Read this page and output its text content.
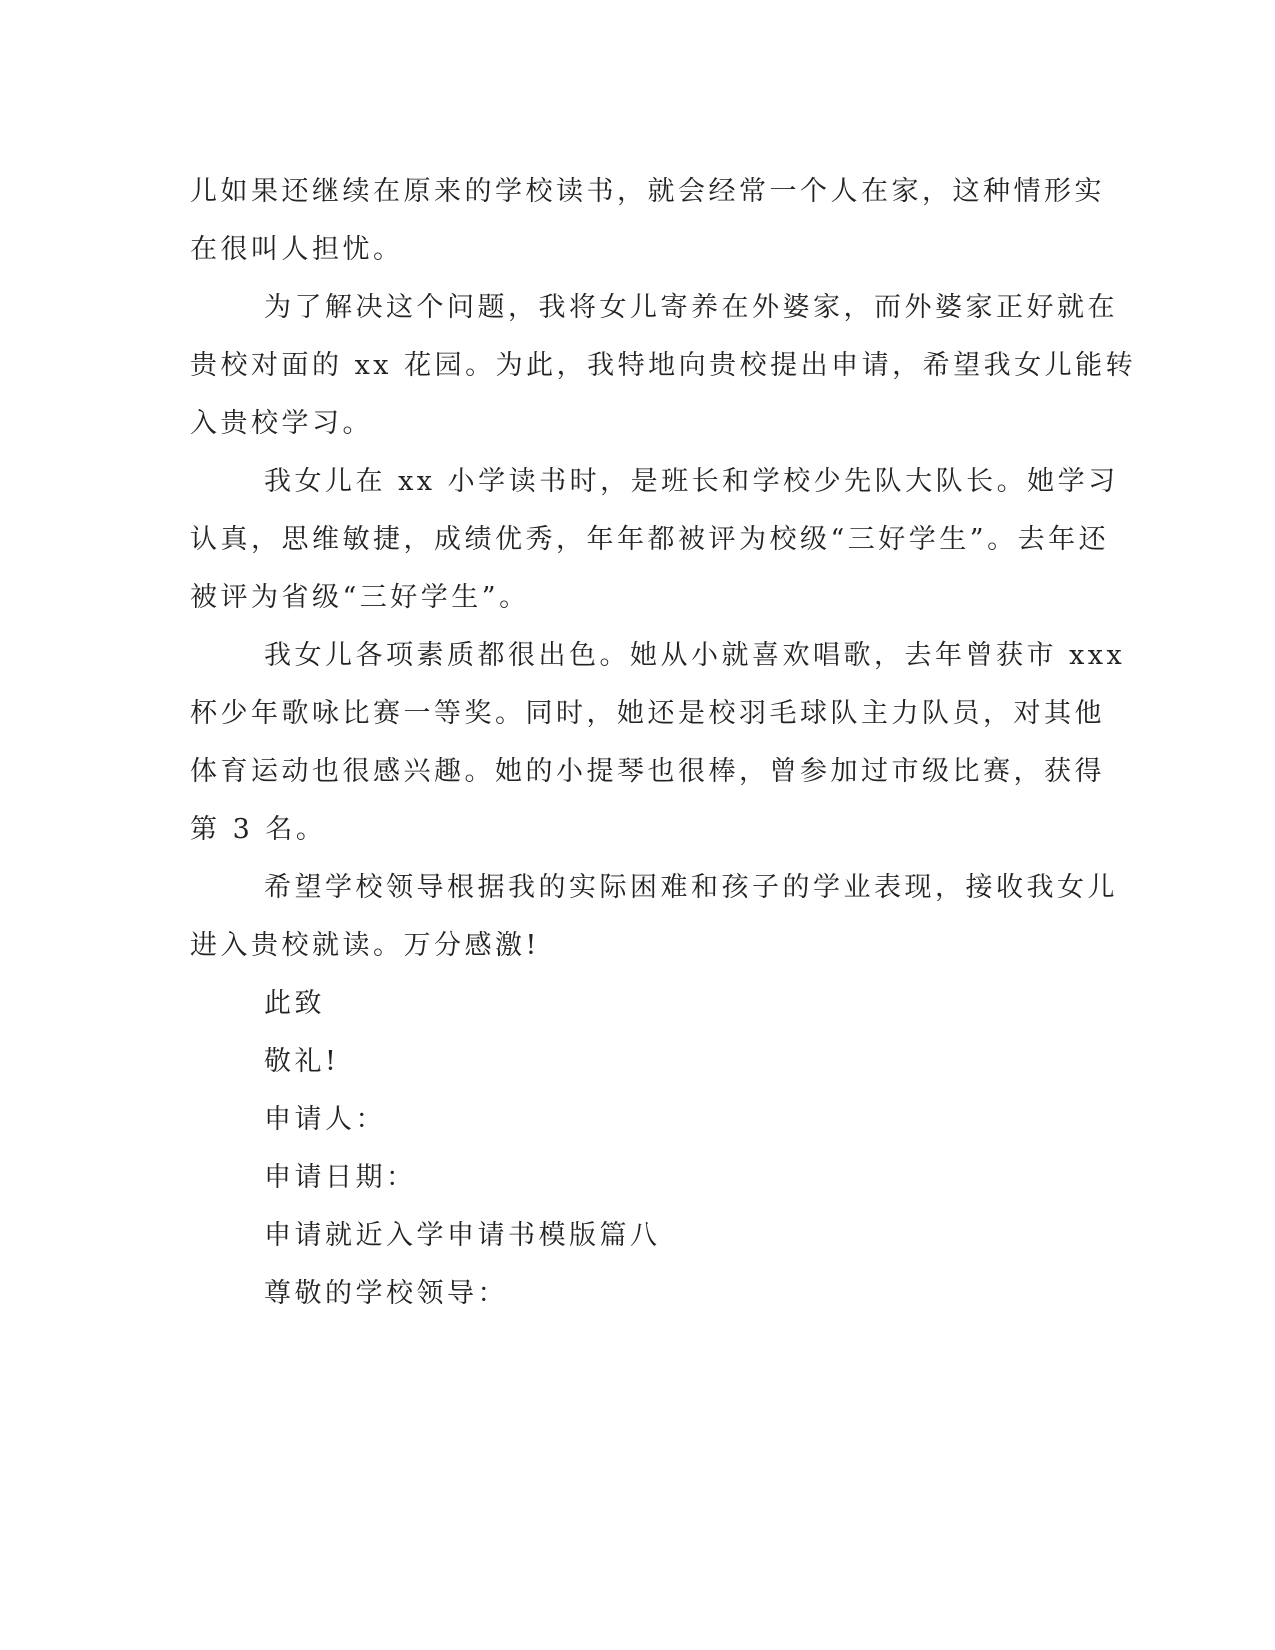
儿如果还继续在原来的学校读书，就会经常一个人在家，这种情形实
在很叫人担忧。
为了解决这个问题，我将女儿寄养在外婆家，而外婆家正好就在
贵校对面的 xx 花园。为此，我特地向贵校提出申请，希望我女儿能转
入贵校学习。
我女儿在 xx 小学读书时，是班长和学校少先队大队长。她学习
认真，思维敏捷，成绩优秀，年年都被评为校级“三好学生”。去年还
被评为省级“三好学生”。
我女儿各项素质都很出色。她从小就喜欢唱歌，去年曾获市 xxx
杯少年歌咏比赛一等奖。同时，她还是校羽毛球队主力队员，对其他
体育运动也很感兴趣。她的小提琴也很棒，曾参加过市级比赛，获得
第 3 名。
希望学校领导根据我的实际困难和孩子的学业表现，接收我女儿
进入贵校就读。万分感激!
此致
敬礼!
申请人：
申请日期：
申请就近入学申请书模版篇八
尊敬的学校领导：
